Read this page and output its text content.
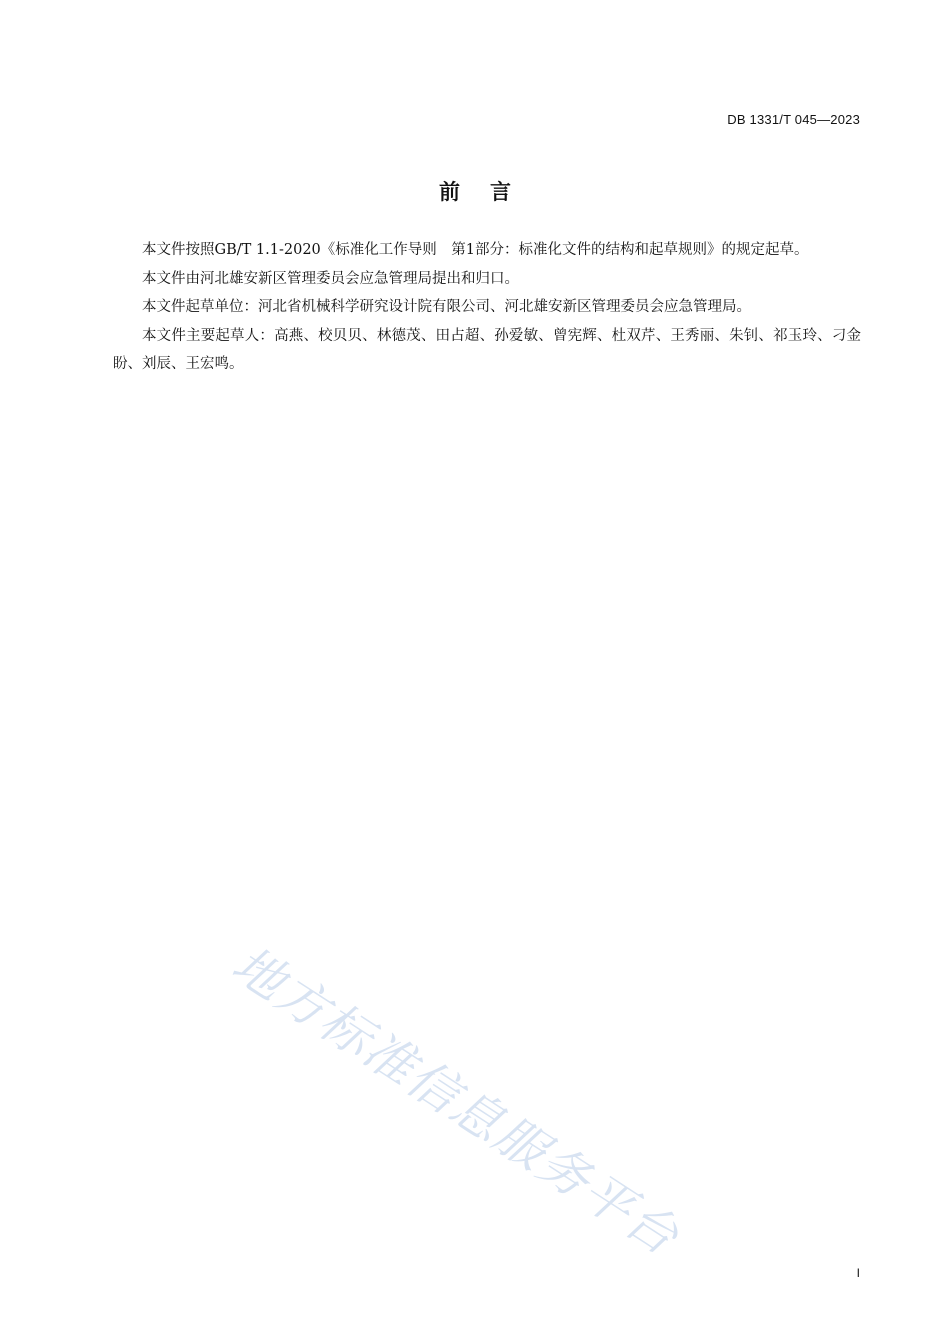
DB 1331/T 045—2023
前言

本文件按照GB/T 1.1-2020《标准化工作导则　第1部分：标准化文件的结构和起草规则》的规定起草。

本文件由河北雄安新区管理委员会应急管理局提出和归口。

本文件起草单位：河北省机械科学研究设计院有限公司、河北雄安新区管理委员会应急管理局。

本文件主要起草人：高燕、校贝贝、林德茂、田占超、孙爱敏、曾宪辉、杜双芹、王秀丽、朱钊、祁玉玲、刁金盼、刘辰、王宏鸣。

地方标准信息服务平台
I
